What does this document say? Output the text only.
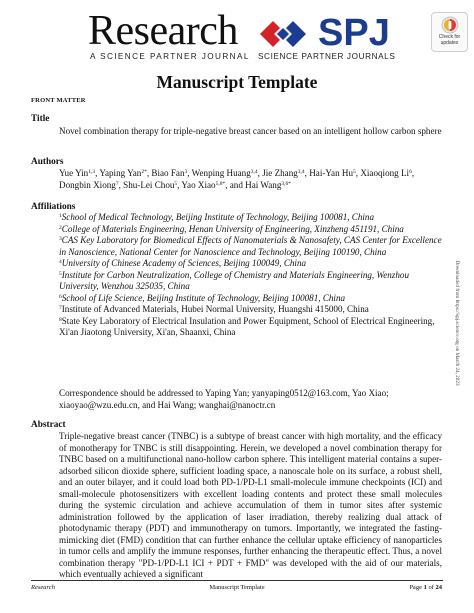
Research
A SCIENCE PARTNER JOURNAL
SPJ
SCIENCE PARTNER JOURNALS
Check for
updates
Manuscript Template
FRONT MATTER
Title
Novel combination therapy for triple-negative breast cancer based on an intelligent hollow carbon sphere
Authors
Yue Yin$^{1,3}$, Yaping Yan$^{2*}$, Biao Fan$^3$, Wenping Huang$^{3,4}$, Jie Zhang$^{3,4}$, Hai-Yan Hu$^5$, Xiaoqiong Li$^6$, Dongbin Xiong$^7$, Shu-Lei Chou$^5$, Yao Xiao$^{5,8*}$, and Hai Wang$^{3,6*}$
Affiliations
$^1$School of Medical Technology, Beijing Institute of Technology, Beijing 100081, China
$^2$College of Materials Engineering, Henan University of Engineering, Xinzheng 451191, China
$^3$CAS Key Laboratory for Biomedical Effects of Nanomaterials & Nanosafety, CAS Center for Excellence in Nanoscience, National Center for Nanoscience and Technology, Beijing 100190, China
$^4$University of Chinese Academy of Sciences, Beijing 100049, China
$^5$Institute for Carbon Neutralization, College of Chemistry and Materials Engineering, Wenzhou University, Wenzhou 325035, China
$^6$School of Life Science, Beijing Institute of Technology, Beijing 100081, China
$^7$Institute of Advanced Materials, Hubei Normal University, Huangshi 415000, China
$^8$State Key Laboratory of Electrical Insulation and Power Equipment, School of Electrical Engineering, Xi'an Jiaotong University, Xi'an, Shaanxi, China
Correspondence should be addressed to Yaping Yan; yanyaping0512@163.com, Yao Xiao; xiaoyao@wzu.edu.cn, and Hai Wang; wanghai@nanoctr.cn
Abstract
Triple-negative breast cancer (TNBC) is a subtype of breast cancer with high mortality, and the efficacy of monotherapy for TNBC is still disappointing. Herein, we developed a novel combination therapy for TNBC based on a multifunctional nano-hollow carbon sphere. This intelligent material contains a super-adsorbed silicon dioxide sphere, sufficient loading space, a nanoscale hole on its surface, a robust shell, and an outer bilayer, and it could load both PD-1/PD-L1 small-molecule immune checkpoints (ICI) and small-molecule photosensitizers with excellent loading contents and protect these small molecules during the systemic circulation and achieve accumulation of them in tumor sites after systemic administration followed by the application of laser irradiation, thereby realizing dual attack of photodynamic therapy (PDT) and immunotherapy on tumors. Importantly, we integrated the fasting-mimicking diet (FMD) condition that can further enhance the cellular uptake efficiency of nanoparticles in tumor cells and amplify the immune responses, further enhancing the therapeutic effect. Thus, a novel combination therapy "PD-1/PD-L1 ICI + PDT + FMD" was developed with the aid of our materials, which eventually achieved a significant
Downloaded from https://spj.science.org on March 24, 2023
Research	Manuscript Template	Page 1 of 24
